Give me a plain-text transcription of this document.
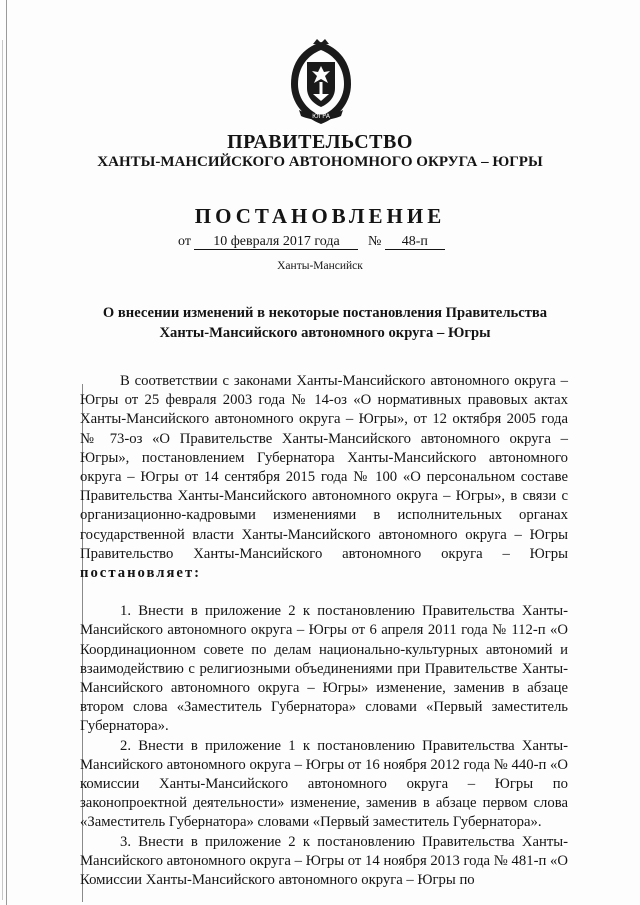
ЮГРА
ПРАВИТЕЛЬСТВО
ХАНТЫ-МАНСИЙСКОГО АВТОНОМНОГО ОКРУГА – ЮГРЫ
ПОСТАНОВЛЕНИЕ
от 10 февраля 2017 года № 48-п
Ханты-Мансийск
О внесении изменений в некоторые постановления Правительства
Ханты-Мансийского автономного округа – Югры

В соответствии с законами Ханты-Мансийского автономного округа – Югры от 25 февраля 2003 года № 14-оз «О нормативных правовых актах Ханты-Мансийского автономного округа – Югры», от 12 октября 2005 года № 73-оз «О Правительстве Ханты-Мансийского автономного округа – Югры», постановлением Губернатора Ханты-Мансийского автономного округа – Югры от 14 сентября 2015 года № 100 «О персональном составе Правительства Ханты-Мансийского автономного округа – Югры», в связи с организационно-кадровыми изменениями в исполнительных органах государственной власти Ханты-Мансийского автономного округа – Югры Правительство Ханты-Мансийского автономного округа – Югры постановляет:

1. Внести в приложение 2 к постановлению Правительства Ханты-Мансийского автономного округа – Югры от 6 апреля 2011 года № 112-п «О Координационном совете по делам национально-культурных автономий и взаимодействию с религиозными объединениями при Правительстве Ханты-Мансийского автономного округа – Югры» изменение, заменив в абзаце втором слова «Заместитель Губернатора» словами «Первый заместитель Губернатора».

2. Внести в приложение 1 к постановлению Правительства Ханты-Мансийского автономного округа – Югры от 16 ноября 2012 года № 440-п «О комиссии Ханты-Мансийского автономного округа – Югры по законопроектной деятельности» изменение, заменив в абзаце первом слова «Заместитель Губернатора» словами «Первый заместитель Губернатора».

3. Внести в приложение 2 к постановлению Правительства Ханты-Мансийского автономного округа – Югры от 14 ноября 2013 года № 481-п «О Комиссии Ханты-Мансийского автономного округа – Югры по
